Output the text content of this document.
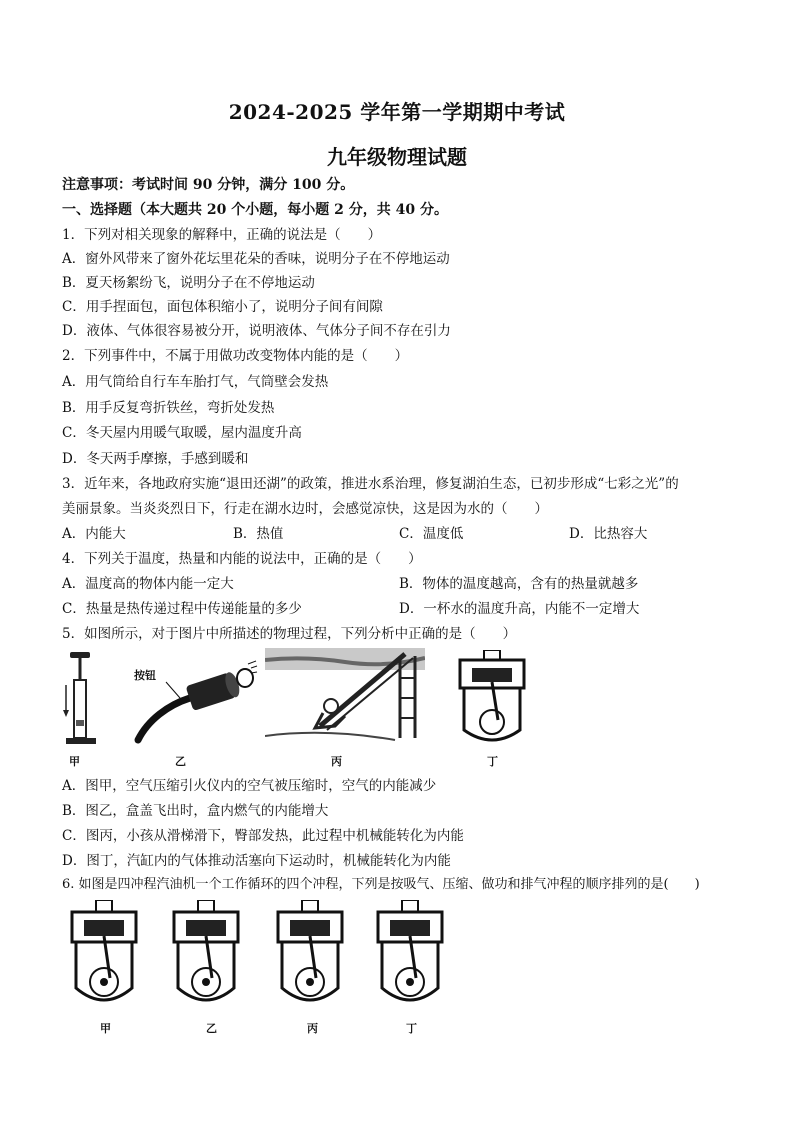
2024-2025 学年第一学期期中考试
九年级物理试题
注意事项：考试时间 90 分钟，满分 100 分。
一、选择题（本大题共 20 个小题，每小题 2 分，共 40 分。
1．下列对相关现象的解释中，正确的说法是（　　）
A．窗外风带来了窗外花坛里花朵的香味，说明分子在不停地运动
B．夏天杨絮纷飞，说明分子在不停地运动
C．用手捏面包，面包体积缩小了，说明分子间有间隙
D．液体、气体很容易被分开，说明液体、气体分子间不存在引力
2．下列事件中，不属于用做功改变物体内能的是（　　）
A．用气筒给自行车车胎打气，气筒壁会发热
B．用手反复弯折铁丝，弯折处发热
C．冬天屋内用暖气取暖，屋内温度升高
D．冬天两手摩擦，手感到暖和
3．近年来，各地政府实施“退田还湖”的政策，推进水系治理，修复湖泊生态，已初步形成“七彩之光”的
美丽景象。当炎炎烈日下，行走在湖水边时，会感觉凉快，这是因为水的（　　）
A．内能大	B．热值	C．温度低	D．比热容大
4．下列关于温度，热量和内能的说法中，正确的是（　　）
A．温度高的物体内能一定大	B．物体的温度越高，含有的热量就越多
C．热量是热传递过程中传递能量的多少	D．一杯水的温度升高，内能不一定增大
5．如图所示，对于图片中所描述的物理过程，下列分析中正确的是（　　）
甲
按钮
乙	丙	丁
A．图甲，空气压缩引火仪内的空气被压缩时，空气的内能减少
B．图乙，盒盖飞出时，盒内燃气的内能增大
C．图丙，小孩从滑梯滑下，臀部发热，此过程中机械能转化为内能
D．图丁，汽缸内的气体推动活塞向下运动时，机械能转化为内能
6. 如图是四冲程汽油机一个工作循环的四个冲程，下列是按吸气、压缩、做功和排气冲程的顺序排列的是(　　)
甲	乙	丙	丁
